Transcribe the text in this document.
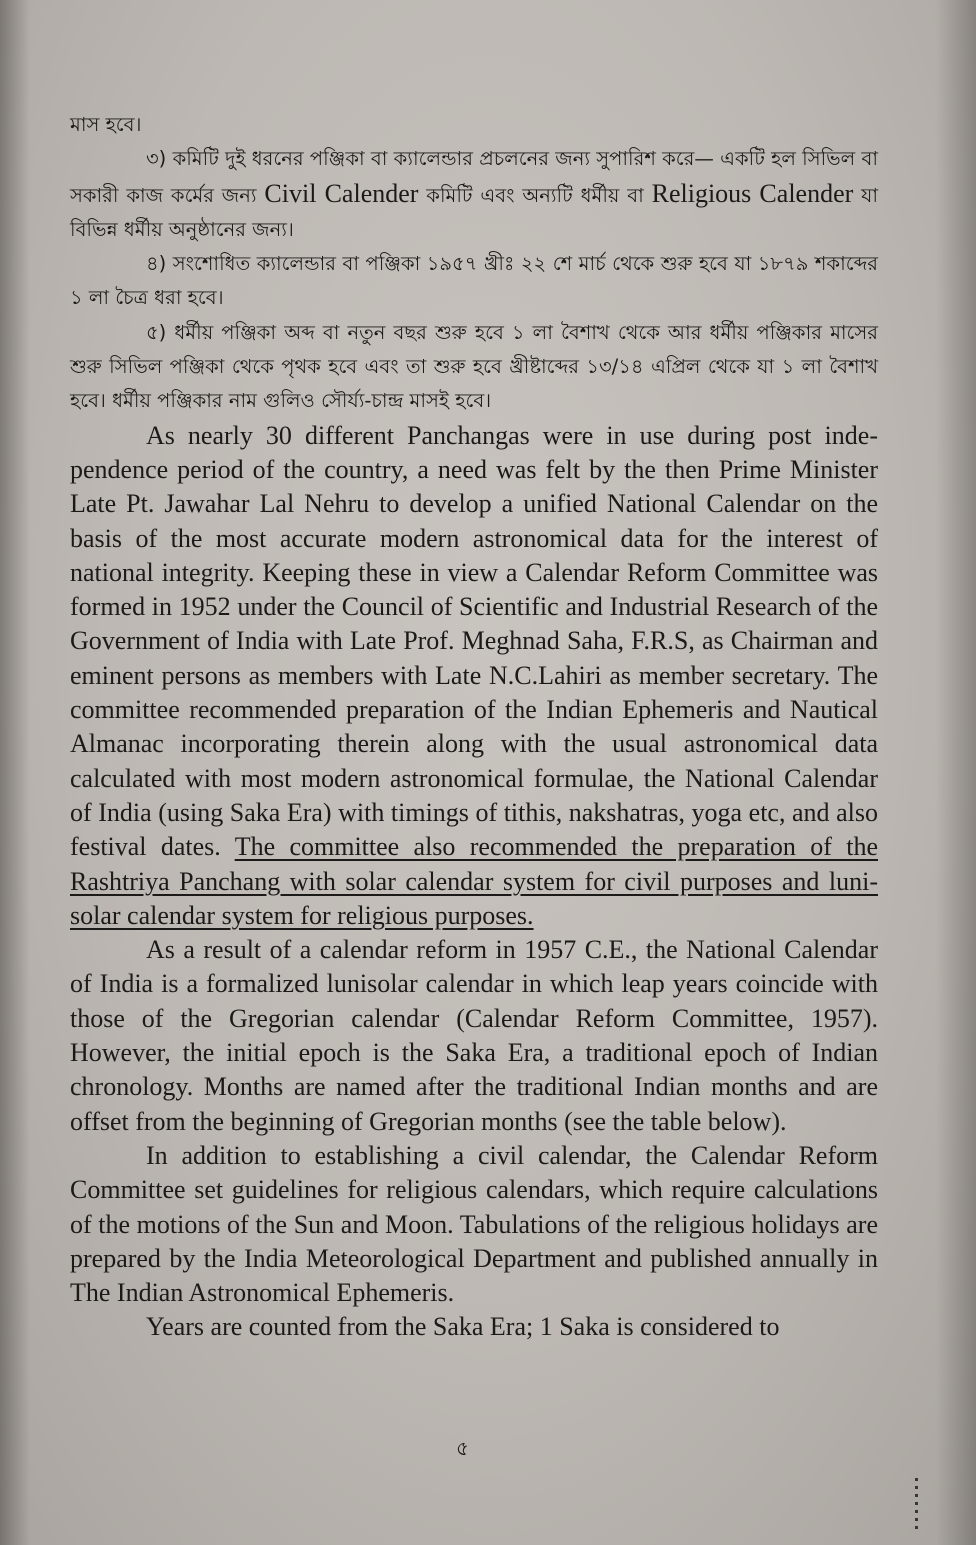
মাস হবে।

৩) কমিটি দুই ধরনের পঞ্জিকা বা ক্যালেন্ডার প্রচলনের জন্য সুপারিশ করে— একটি হল সিভিল বা সকারী কাজ কর্মের জন্য Civil Calender কমিটি এবং অন্যটি ধর্মীয় বা Religious Calender যা বিভিন্ন ধর্মীয় অনুষ্ঠানের জন্য।

৪) সংশোধিত ক্যালেন্ডার বা পঞ্জিকা ১৯৫৭ খ্রীঃ ২২ শে মার্চ থেকে শুরু হবে যা ১৮৭৯ শকাব্দের ১ লা চৈত্র ধরা হবে।

৫) ধর্মীয় পঞ্জিকা অব্দ বা নতুন বছর শুরু হবে ১ লা বৈশাখ থেকে আর ধর্মীয় পঞ্জিকার মাসের শুরু সিভিল পঞ্জিকা থেকে পৃথক হবে এবং তা শুরু হবে খ্রীষ্টাব্দের ১৩/১৪ এপ্রিল থেকে যা ১ লা বৈশাখ হবে। ধর্মীয় পঞ্জিকার নাম গুলিও সৌর্য্য-চান্দ্র মাসই হবে।

As nearly 30 different Panchangas were in use during post independence period of the country, a need was felt by the then Prime Minister Late Pt. Jawahar Lal Nehru to develop a unified National Calendar on the basis of the most accurate modern astronomical data for the interest of national integrity. Keeping these in view a Calendar Reform Committee was formed in 1952 under the Council of Scientific and Industrial Research of the Government of India with Late Prof. Meghnad Saha, F.R.S, as Chairman and eminent persons as members with Late N.C.Lahiri as member secretary. The committee recommended preparation of the Indian Ephemeris and Nautical Almanac incorporating therein along with the usual astronomical data calculated with most modern astronomical formulae, the National Calendar of India (using Saka Era) with timings of tithis, nakshatras, yoga etc, and also festival dates. The committee also recommended the preparation of the Rashtriya Panchang with solar calendar system for civil purposes and luni-solar calendar system for religious purposes.

As a result of a calendar reform in 1957 C.E., the National Calendar of India is a formalized lunisolar calendar in which leap years coincide with those of the Gregorian calendar (Calendar Reform Committee, 1957). However, the initial epoch is the Saka Era, a traditional epoch of Indian chronology. Months are named after the traditional Indian months and are offset from the beginning of Gregorian months (see the table below).

In addition to establishing a civil calendar, the Calendar Reform Committee set guidelines for religious calendars, which require calculations of the motions of the Sun and Moon. Tabulations of the religious holidays are prepared by the India Meteorological Department and published annually in The Indian Astronomical Ephemeris.

Years are counted from the Saka Era; 1 Saka is considered to

৫
